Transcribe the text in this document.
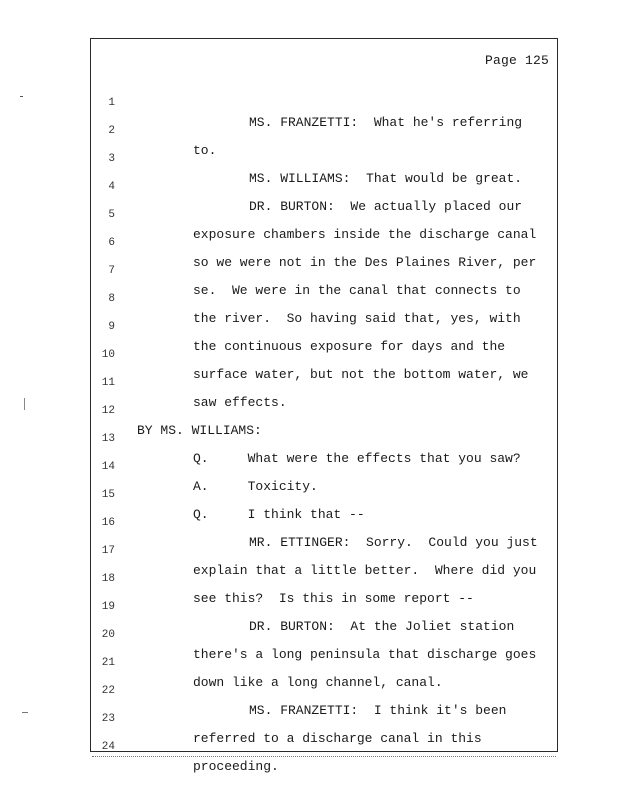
Page 125

1

MS. FRANZETTI:  What he's referring

2

to.

3

MS. WILLIAMS:  That would be great.

4

DR. BURTON:  We actually placed our

5

exposure chambers inside the discharge canal

6

so we were not in the Des Plaines River, per

7

se.  We were in the canal that connects to

8

the river.  So having said that, yes, with

9

the continuous exposure for days and the

10

surface water, but not the bottom water, we

11

saw effects.

12

BY MS. WILLIAMS:

13

Q.     What were the effects that you saw?

14

A.     Toxicity.

15

Q.     I think that --

16

MR. ETTINGER:  Sorry.  Could you just

17

explain that a little better.  Where did you

18

see this?  Is this in some report --

19

DR. BURTON:  At the Joliet station

20

there's a long peninsula that discharge goes

21

down like a long channel, canal.

22

MS. FRANZETTI:  I think it's been

23

referred to a discharge canal in this

24

proceeding.
